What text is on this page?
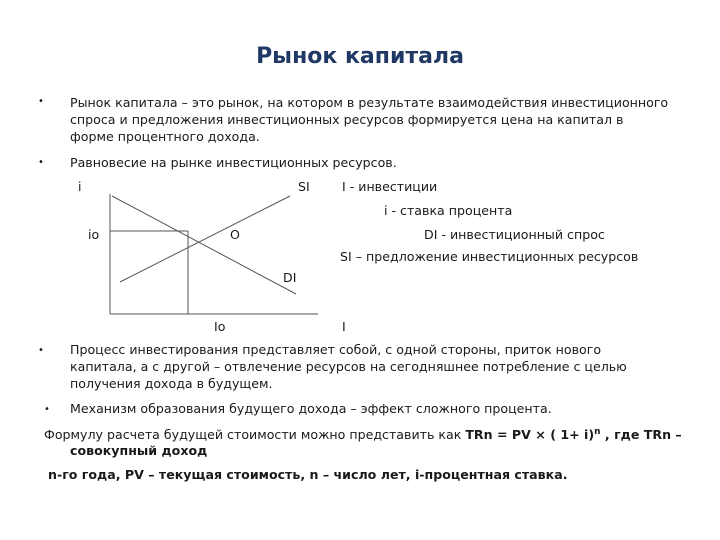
Рынок капитала
• Рынок капитала – это рынок, на котором в результате взаимодействия инвестиционного
спроса и предложения инвестиционных ресурсов формируется цена на капитал в
форме процентного дохода.
• Равновесие на рынке инвестиционных ресурсов.
i	SI
io	O
DI
Io	I
I - инвестиции
i - ставка процента
DI - инвестиционный спрос
SI – предложение инвестиционных ресурсов
• Процесс инвестирования представляет собой, с одной стороны, приток нового
капитала, а с другой – отвлечение ресурсов на сегодняшнее потребление с целью
получения дохода в будущем.
• Механизм образования будущего дохода – эффект сложного процента.
Формулу расчета будущей стоимости можно представить как TRn = PV × ( 1+ i)$^n$ , где TRn –
совокупный доход
n-го года, PV – текущая стоимость, n – число лет, i-процентная ставка.
